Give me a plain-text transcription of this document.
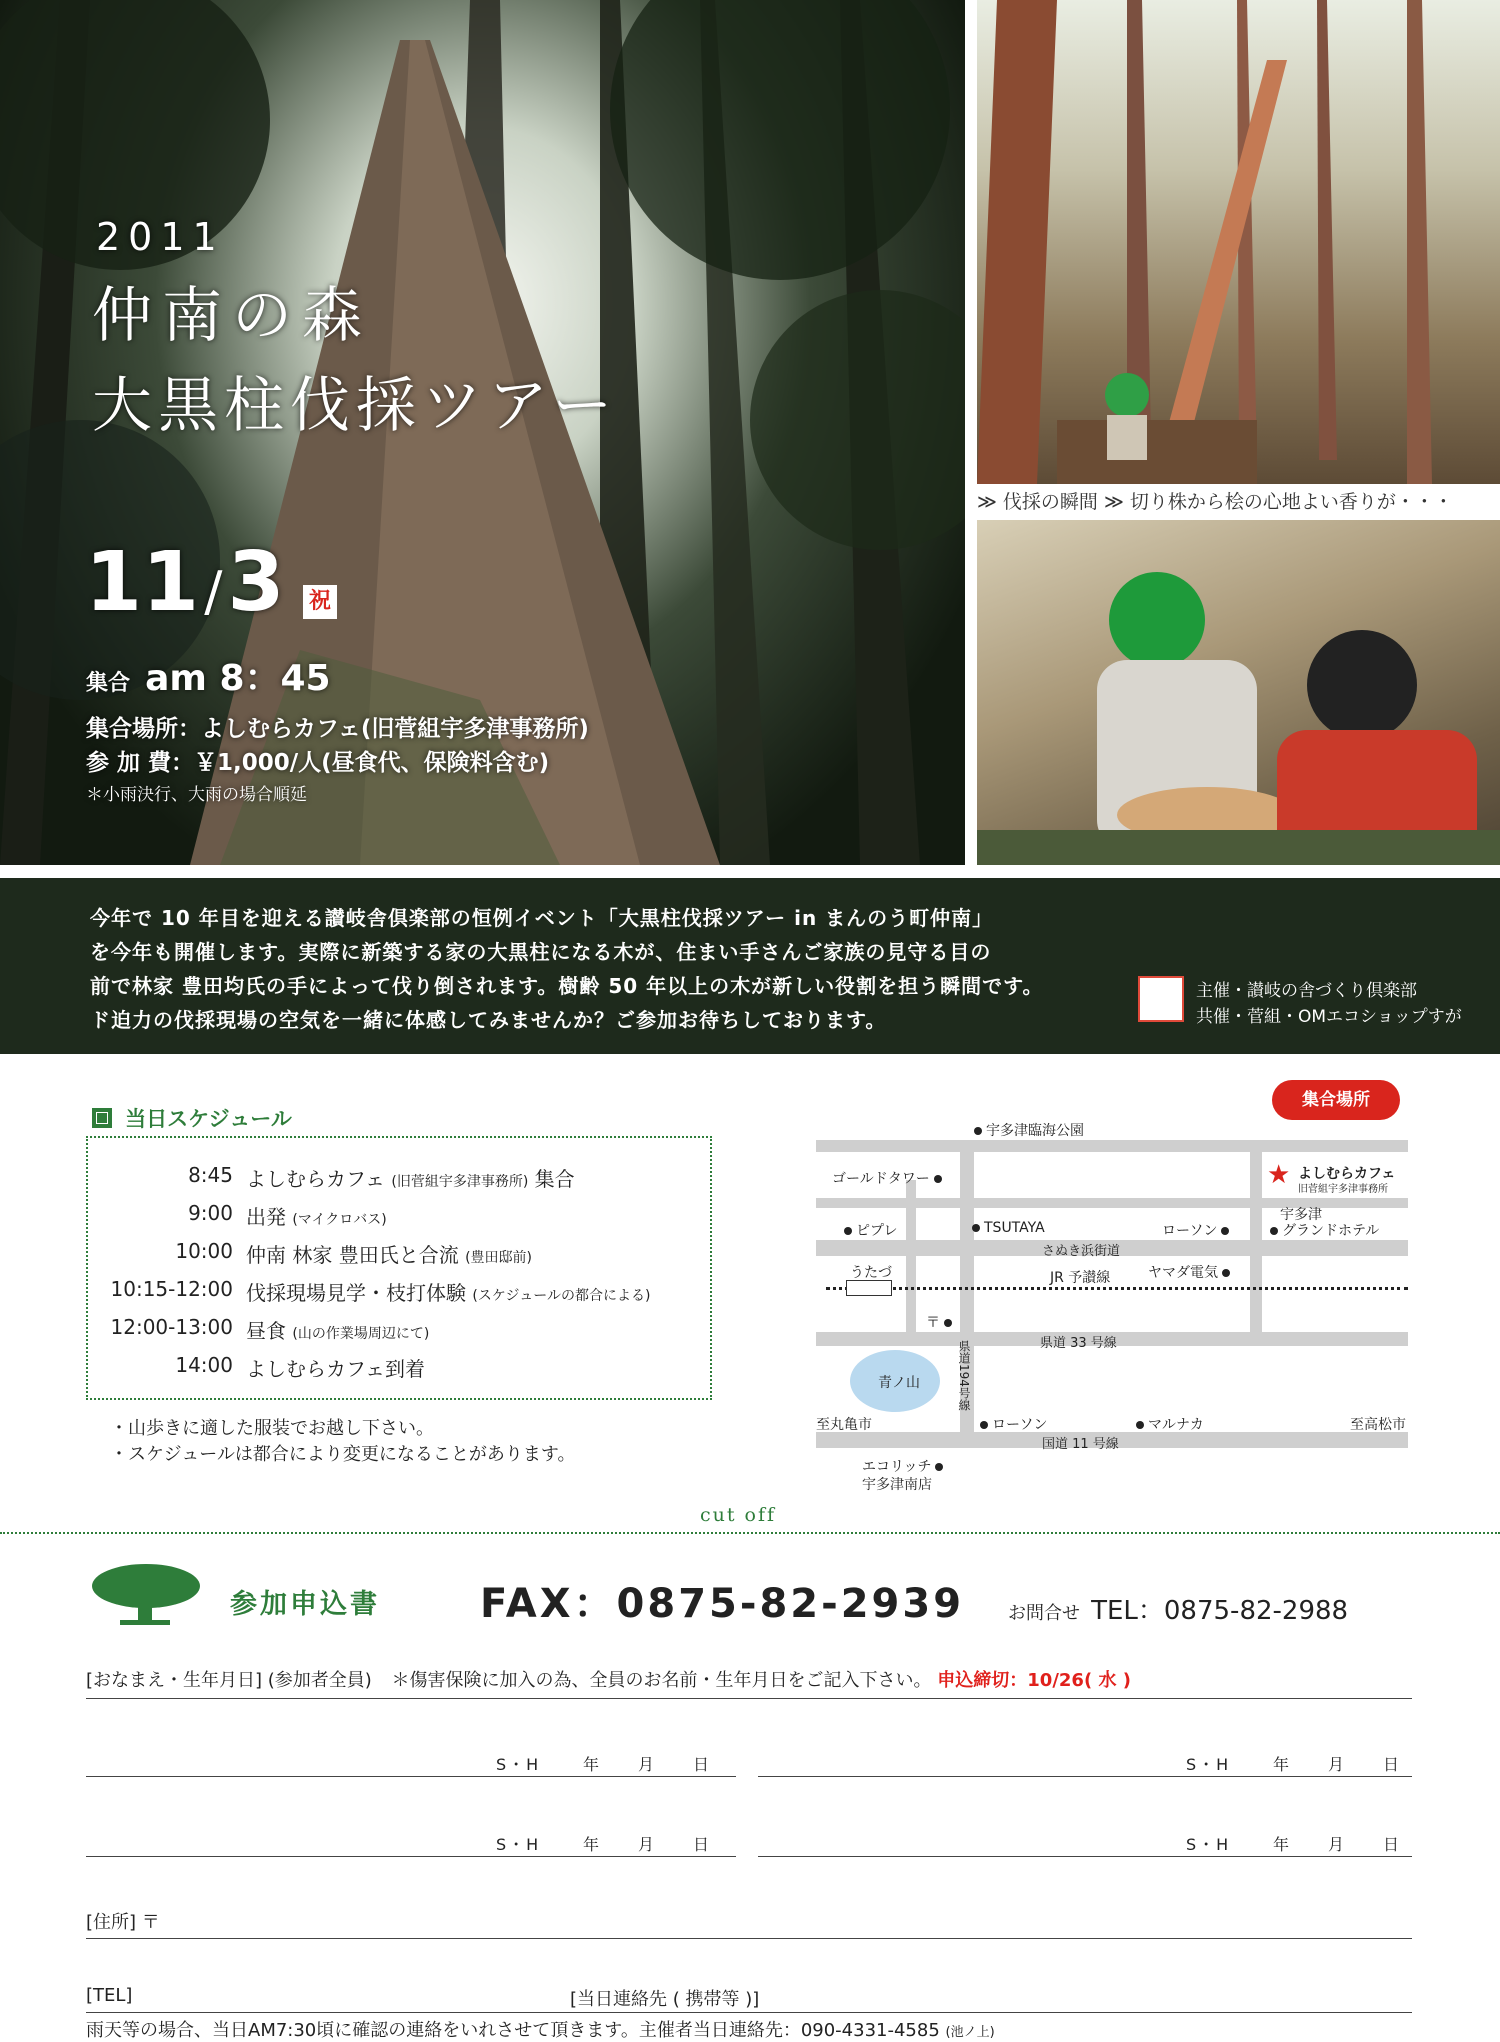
2011
仲南の森
大黒柱伐採ツアー
11 / 3 祝
集合 am 8：45
集合場所：よしむらカフェ(旧菅組宇多津事務所)
参 加 費：￥1,000/人(昼食代、保険料含む)
＊小雨決行、大雨の場合順延
≫ 伐採の瞬間 ≫ 切り株から桧の心地よい香りが・・・
今年で 10 年目を迎える讃岐舎倶楽部の恒例イベント「大黒柱伐採ツアー in まんのう町仲南」
を今年も開催します。実際に新築する家の大黒柱になる木が、住まい手さんご家族の見守る目の
前で林家 豊田均氏の手によって伐り倒されます。樹齢 50 年以上の木が新しい役割を担う瞬間です。
ド迫力の伐採現場の空気を一緒に体感してみませんか？ご参加お待ちしております。
主催・讃岐の舎づくり倶楽部
共催・菅組・OMエコショップすが
当日スケジュール
8:45 よしむらカフェ (旧菅組宇多津事務所) 集合
9:00 出発 (マイクロバス)
10:00 仲南 林家 豊田氏と合流 (豊田邸前)
10:15-12:00 伐採現場見学・枝打体験 (スケジュールの都合による)
12:00-13:00 昼食 (山の作業場周辺にて)
14:00 よしむらカフェ到着
・山歩きに適した服装でお越し下さい。
・スケジュールは都合により変更になることがあります。
青ノ山
集合場所
★ よしむらカフェ
旧菅組宇多津事務所
宇多津臨海公園
ゴールドタワー
ピプレ	TSUTAYA	ローソン
宇多津
グランドホテル
さぬき浜街道
ヤマダ電気
うたづ	JR 予讃線
〒
県道 33 号線
県道194号線
至丸亀市	ローソン	マルナカ	至高松市
国道 11 号線
エコリッチ
宇多津南店
cut off
参加申込書	FAX：0875-82-2939 お問合せ TEL：0875-82-2988
[おなまえ・生年月日] (参加者全員) ＊傷害保険に加入の為、全員のお名前・生年月日をご記入下さい。 申込締切：10/26( 水 )
S・H	年 月 日	S・H	年 月 日
S・H	年 月 日	S・H	年 月 日
[住所] 〒
[TEL]	[当日連絡先 ( 携帯等 )]
雨天等の場合、当日AM7:30頃に確認の連絡をいれさせて頂きます。主催者当日連絡先：090-4331-4585 (池ノ上)
